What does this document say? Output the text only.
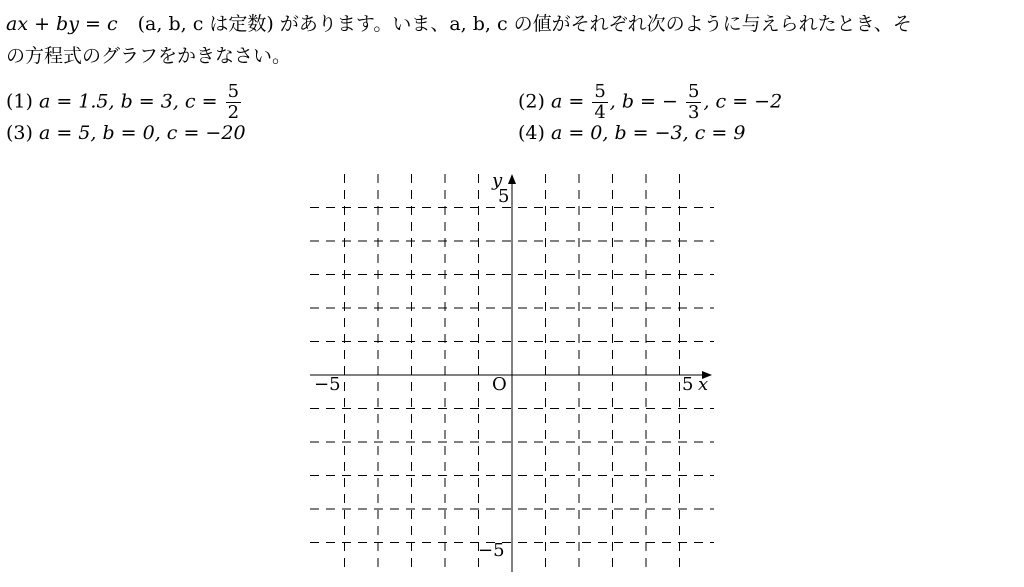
ax + by = c (a, b, c は定数) があります。いま、a, b, c の値がそれぞれ次のように与えられたとき、そ
の方程式のグラフをかきなさい。
(1) a = 1.5, b = 3, $c = \frac{5}{2}$	(2) $a = \frac{5}{4}$ , b = − $\frac{5}{3}$ , c = −2
(3) a = 5, b = 0, c = −20	(4) a = 0, b = −3, c = 9
−5	O	5 x
y
5
−5
